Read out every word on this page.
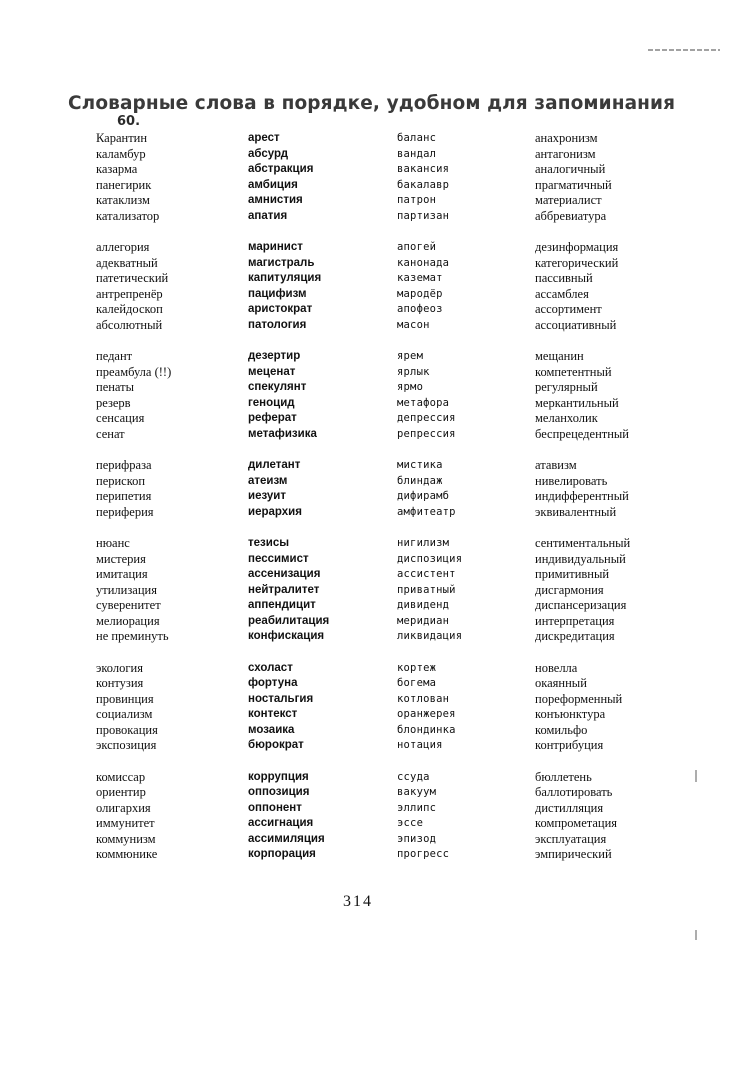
Словарные слова в порядке, удобном для запоминания
60.
Карантин
каламбур
казарма
панегирик
катаклизм
катализатор
аллегория
адекватный
патетический
антрепренёр
калейдоскоп
абсолютный
педант
преамбула (!!)
пенаты
резерв
сенсация
сенат
перифраза
перископ
перипетия
периферия
нюанс
мистерия
имитация
утилизация
суверенитет
мелиорация
не преминуть
экология
контузия
провинция
социализм
провокация
экспозиция
комиссар
ориентир
олигархия
иммунитет
коммунизм
коммюнике
арест
абсурд
абстракция
амбиция
амнистия
апатия
маринист
магистраль
капитуляция
пацифизм
аристократ
патология
дезертир
меценат
спекулянт
геноцид
реферат
метафизика
дилетант
атеизм
иезуит
иерархия
тезисы
пессимист
ассенизация
нейтралитет
аппендицит
реабилитация
конфискация
схоласт
фортуна
ностальгия
контекст
мозаика
бюрократ
коррупция
оппозиция
оппонент
ассигнация
ассимиляция
корпорация
баланс
вандал
вакансия
бакалавр
патрон
партизан
апогей
канонада
каземат
мародёр
апофеоз
масон
ярем
ярлык
ярмо
метафора
депрессия
репрессия
мистика
блиндаж
дифирамб
амфитеатр
нигилизм
диспозиция
ассистент
приватный
дивиденд
меридиан
ликвидация
кортеж
богема
котлован
оранжерея
блондинка
нотация
ссуда
вакуум
эллипс
эссе
эпизод
прогресс
анахронизм
антагонизм
аналогичный
прагматичный
материалист
аббревиатура
дезинформация
категорический
пассивный
ассамблея
ассортимент
ассоциативный
мещанин
компетентный
регулярный
меркантильный
меланхолик
беспрецедентный
атавизм
нивелировать
индифферентный
эквивалентный
сентиментальный
индивидуальный
примитивный
дисгармония
диспансеризация
интерпретация
дискредитация
новелла
окаянный
пореформенный
конъюнктура
комильфо
контрибуция
бюллетень
баллотировать
дистилляция
компрометация
эксплуатация
эмпирический
314
